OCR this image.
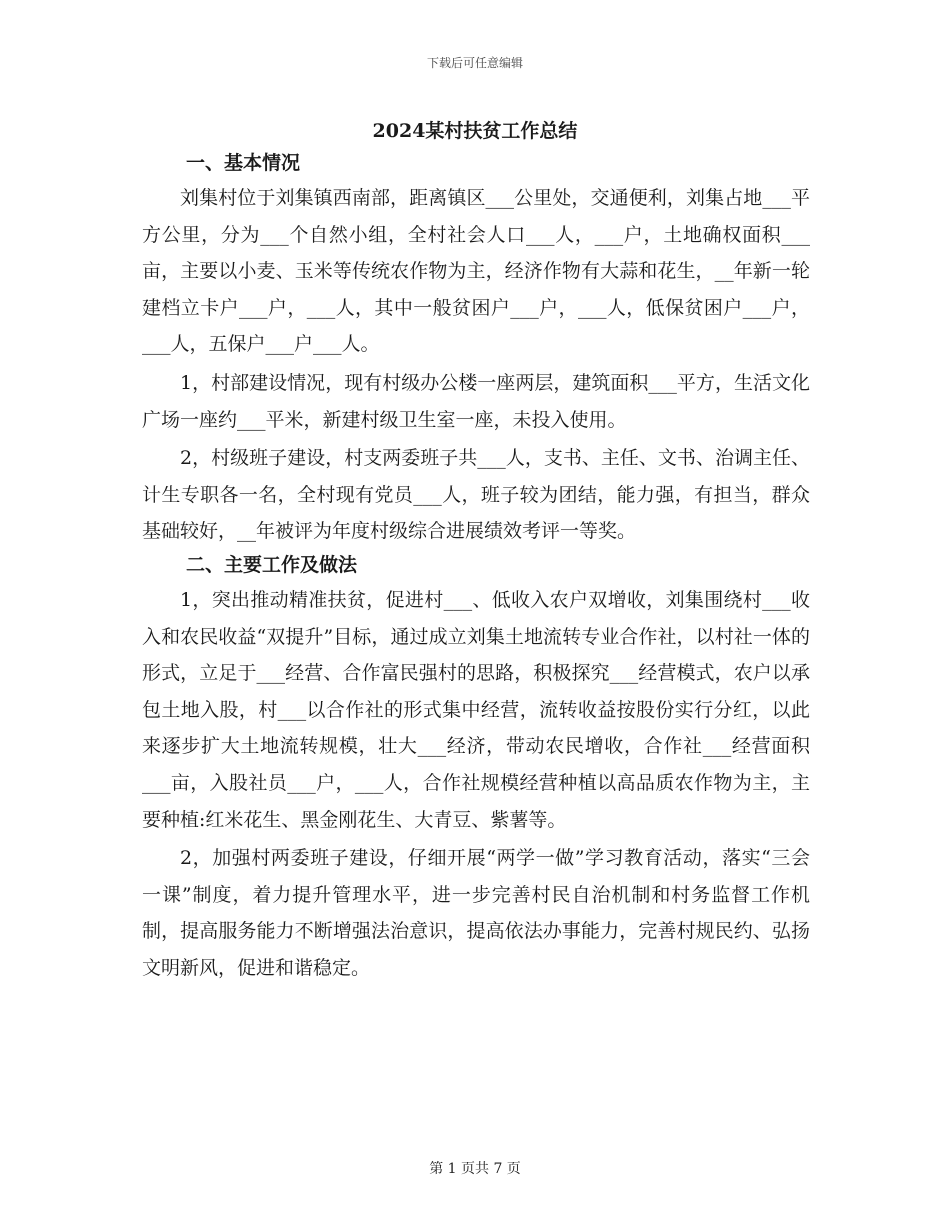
下载后可任意编辑
2024某村扶贫工作总结
一、基本情况

刘集村位于刘集镇西南部，距离镇区___公里处，交通便利，刘集占地___平方公里，分为___个自然小组，全村社会人口___人，___户，土地确权面积___亩，主要以小麦、玉米等传统农作物为主，经济作物有大蒜和花生，__年新一轮建档立卡户___户，___人，其中一般贫困户___户，___人，低保贫困户___户，___人，五保户___户___人。

1，村部建设情况，现有村级办公楼一座两层，建筑面积___平方，生活文化广场一座约___平米，新建村级卫生室一座，未投入使用。

2，村级班子建设，村支两委班子共___人，支书、主任、文书、治调主任、计生专职各一名，全村现有党员___人，班子较为团结，能力强，有担当，群众基础较好，__年被评为年度村级综合进展绩效考评一等奖。

二、主要工作及做法

1，突出推动精准扶贫，促进村___、低收入农户双增收，刘集围绕村___收入和农民收益“双提升”目标，通过成立刘集土地流转专业合作社，以村社一体的形式，立足于___经营、合作富民强村的思路，积极探究___经营模式，农户以承包土地入股，村___以合作社的形式集中经营，流转收益按股份实行分红，以此来逐步扩大土地流转规模，壮大___经济，带动农民增收，合作社___经营面积___亩，入股社员___户，___人，合作社规模经营种植以高品质农作物为主，主要种植:红米花生、黑金刚花生、大青豆、紫薯等。

2，加强村两委班子建设，仔细开展“两学一做”学习教育活动，落实“三会一课”制度，着力提升管理水平，进一步完善村民自治机制和村务监督工作机制，提高服务能力不断增强法治意识，提高依法办事能力，完善村规民约、弘扬文明新风，促进和谐稳定。

第 1 页共 7 页
